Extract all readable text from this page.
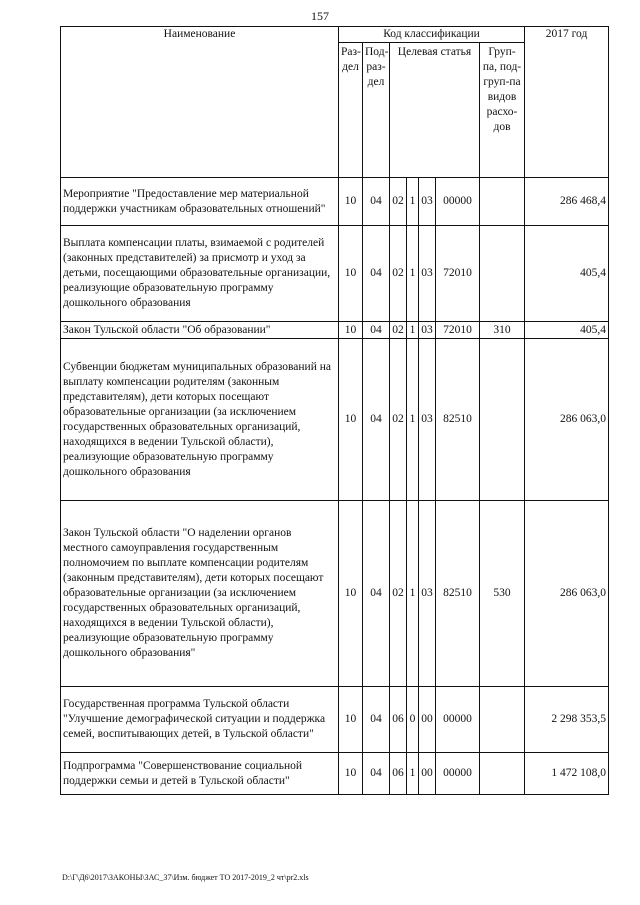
157
Наименование	Код классификации							2017 год
	Раз-дел	Под-раз-дел	Целевая статья				Груп-па, под-груп-па видов расхо-дов	
Мероприятие "Предоставление мер материальной поддержки участникам образовательных отношений"	10	04	02	1	03	00000		286 468,4
Выплата компенсации платы, взимаемой с родителей (законных представителей) за присмотр и уход за детьми, посещающими образовательные организации, реализующие образовательную программу дошкольного образования	10	04	02	1	03	72010		405,4
Закон Тульской области "Об образовании"	10	04	02	1	03	72010	310	405,4
Субвенции бюджетам муниципальных образований на выплату компенсации родителям (законным представителям), дети которых посещают образовательные организации (за исключением государственных образовательных организаций, находящихся в ведении Тульской области), реализующие образовательную программу дошкольного образования	10	04	02	1	03	82510		286 063,0
Закон Тульской области "О наделении органов местного самоуправления государственным полномочием по выплате компенсации родителям (законным представителям), дети которых посещают образовательные организации (за исключением государственных образовательных организаций, находящихся в ведении Тульской области), реализующие образовательную программу дошкольного образования"	10	04	02	1	03	82510	530	286 063,0
Государственная программа Тульской области "Улучшение демографической ситуации и поддержка семей, воспитывающих детей, в Тульской области"	10	04	06	0	00	00000		2 298 353,5
Подпрограмма "Совершенствование социальной поддержки семьи и детей в Тульской области"	10	04	06	1	00	00000		1 472 108,0
D:\Г\Д6\2017\ЗАКОНЫ\ЗАС_37\Изм. бюджет ТО 2017-2019_2 чт\pr2.xls
